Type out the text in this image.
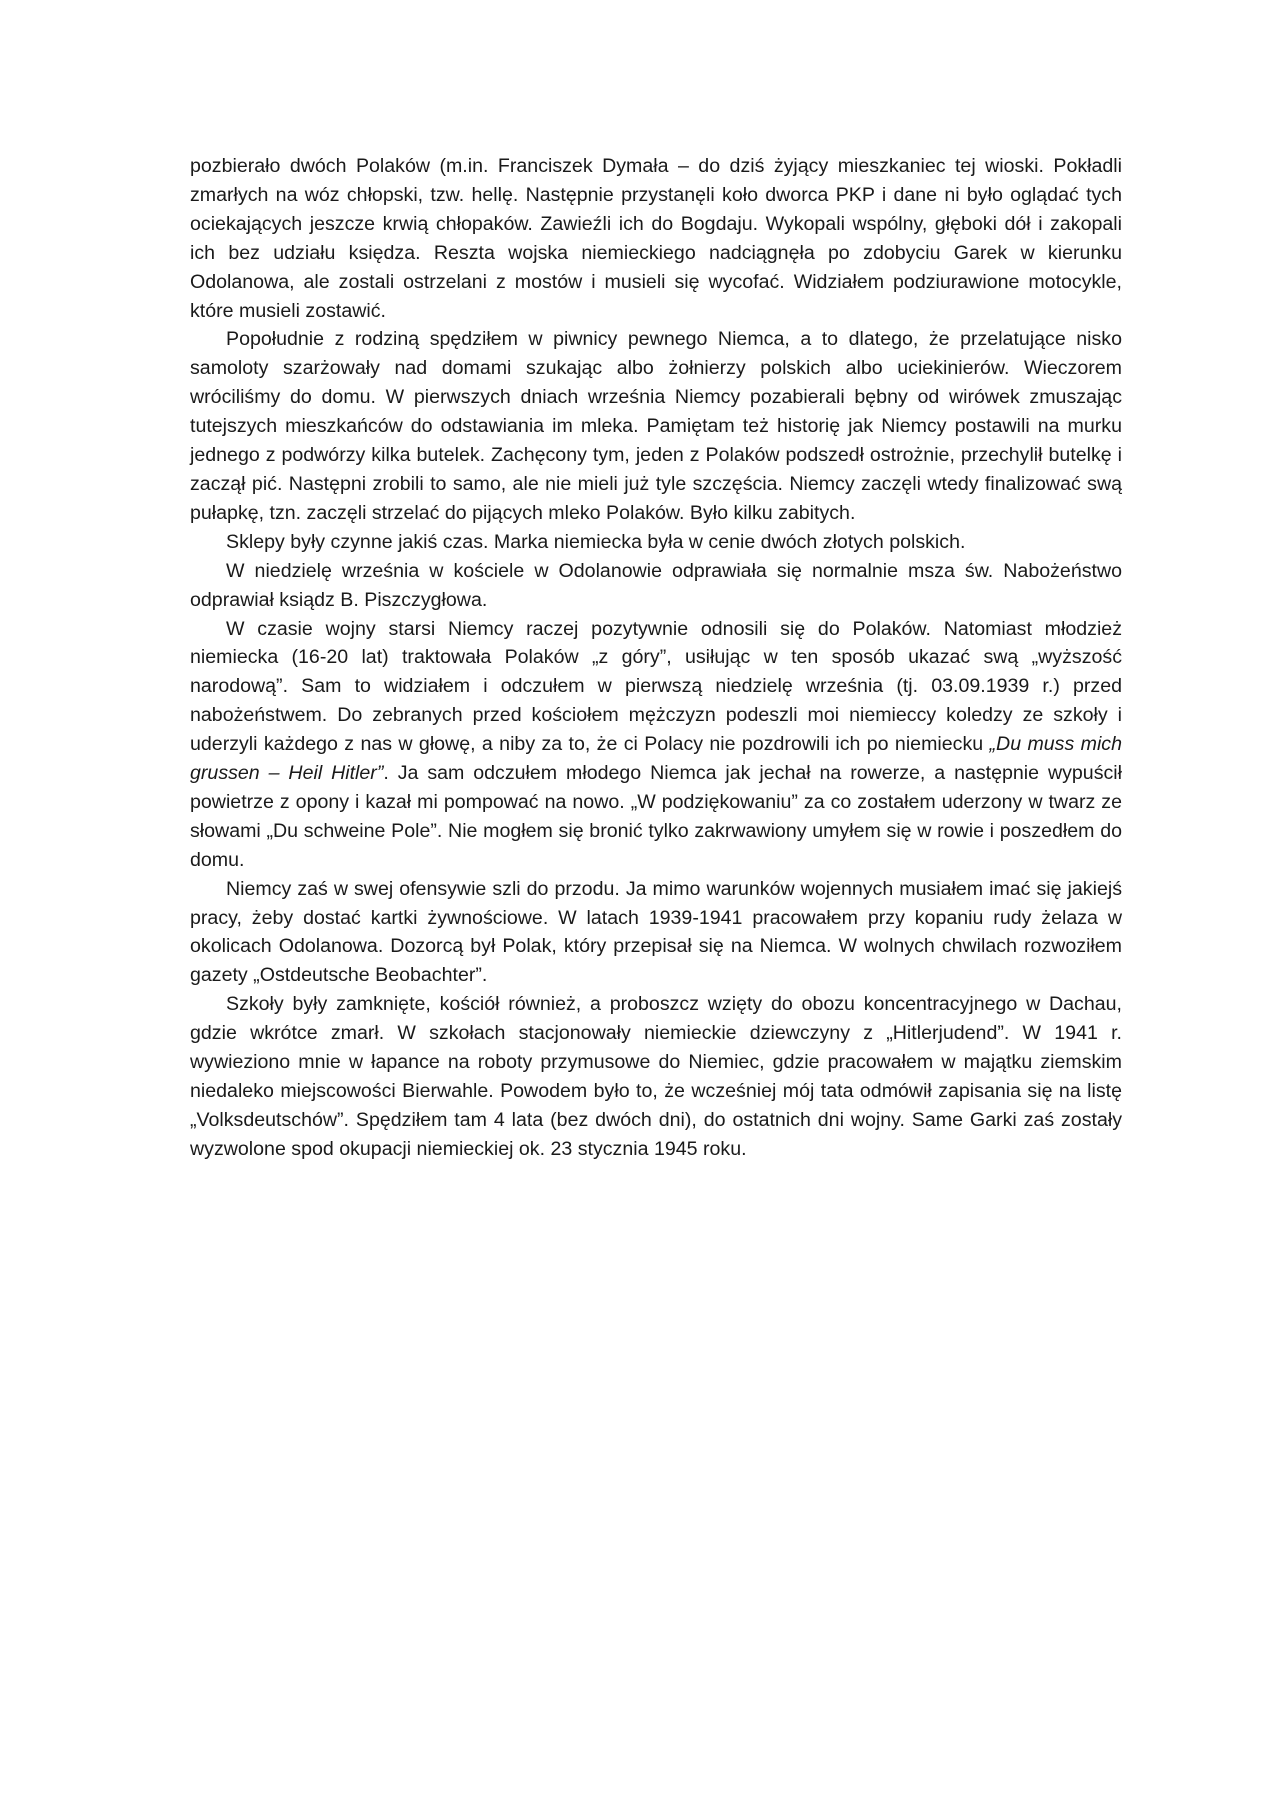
pozbierało dwóch Polaków (m.in. Franciszek Dymała – do dziś żyjący mieszkaniec tej wioski. Pokładli zmarłych na wóz chłopski, tzw. hellę. Następnie przystanęli koło dworca PKP i dane ni było oglądać tych ociekających jeszcze krwią chłopaków. Zawieźli ich do Bogdaju. Wykopali wspólny, głęboki dół i zakopali ich bez udziału księdza. Reszta wojska niemieckiego nadciągnęła po zdobyciu Garek w kierunku Odolanowa, ale zostali ostrzelani z mostów i musieli się wycofać. Widziałem podziurawione motocykle, które musieli zostawić.

Popołudnie z rodziną spędziłem w piwnicy pewnego Niemca, a to dlatego, że przelatujące nisko samoloty szarżowały nad domami szukając albo żołnierzy polskich albo uciekinierów. Wieczorem wróciliśmy do domu. W pierwszych dniach września Niemcy pozabierali bębny od wirówek zmuszając tutejszych mieszkańców do odstawiania im mleka. Pamiętam też historię jak Niemcy postawili na murku jednego z podwórzy kilka butelek. Zachęcony tym, jeden z Polaków podszedł ostrożnie, przechylił butelkę i zaczął pić. Następni zrobili to samo, ale nie mieli już tyle szczęścia. Niemcy zaczęli wtedy finalizować swą pułapkę, tzn. zaczęli strzelać do pijących mleko Polaków. Było kilku zabitych.

Sklepy były czynne jakiś czas. Marka niemiecka była w cenie dwóch złotych polskich.

W niedzielę września w kościele w Odolanowie odprawiała się normalnie msza św. Nabożeństwo odprawiał ksiądz B. Piszczygłowa.

W czasie wojny starsi Niemcy raczej pozytywnie odnosili się do Polaków. Natomiast młodzież niemiecka (16-20 lat) traktowała Polaków „z góry”, usiłując w ten sposób ukazać swą „wyższość narodową”. Sam to widziałem i odczułem w pierwszą niedzielę września (tj. 03.09.1939 r.) przed nabożeństwem. Do zebranych przed kościołem mężczyzn podeszli moi niemieccy koledzy ze szkoły i uderzyli każdego z nas w głowę, a niby za to, że ci Polacy nie pozdrowili ich po niemiecku „Du muss mich grussen – Heil Hitler”. Ja sam odczułem młodego Niemca jak jechał na rowerze, a następnie wypuścił powietrze z opony i kazał mi pompować na nowo. „W podziękowaniu” za co zostałem uderzony w twarz ze słowami „Du schweine Pole”. Nie mogłem się bronić tylko zakrwawiony umyłem się w rowie i poszedłem do domu.

Niemcy zaś w swej ofensywie szli do przodu. Ja mimo warunków wojennych musiałem imać się jakiejś pracy, żeby dostać kartki żywnościowe. W latach 1939-1941 pracowałem przy kopaniu rudy żelaza w okolicach Odolanowa. Dozorcą był Polak, który przepisał się na Niemca. W wolnych chwilach rozwoziłem gazety „Ostdeutsche Beobachter”.

Szkoły były zamknięte, kościół również, a proboszcz wzięty do obozu koncentracyjnego w Dachau, gdzie wkrótce zmarł. W szkołach stacjonowały niemieckie dziewczyny z „Hitlerjudend”. W 1941 r. wywieziono mnie w łapance na roboty przymusowe do Niemiec, gdzie pracowałem w majątku ziemskim niedaleko miejscowości Bierwahle. Powodem było to, że wcześniej mój tata odmówił zapisania się na listę „Volksdeutschów”. Spędziłem tam 4 lata (bez dwóch dni), do ostatnich dni wojny. Same Garki zaś zostały wyzwolone spod okupacji niemieckiej ok. 23 stycznia 1945 roku.
